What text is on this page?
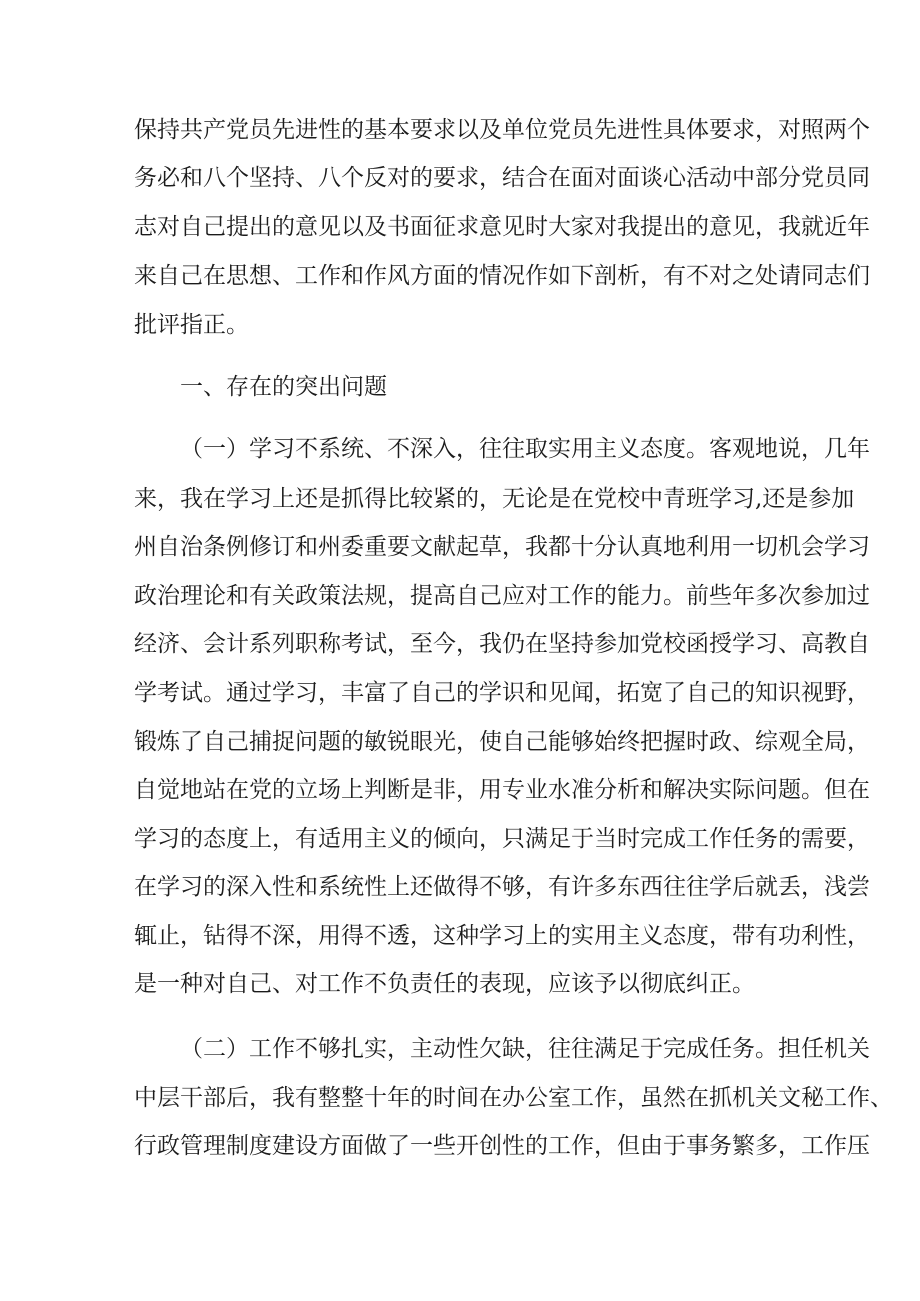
保持共产党员先进性的基本要求以及单位党员先进性具体要求，对照两个
务必和八个坚持、八个反对的要求，结合在面对面谈心活动中部分党员同
志对自己提出的意见以及书面征求意见时大家对我提出的意见，我就近年
来自己在思想、工作和作风方面的情况作如下剖析，有不对之处请同志们
批评指正。
一、存在的突出问题
（一）学习不系统、不深入，往往取实用主义态度。客观地说，几年
来，我在学习上还是抓得比较紧的，无论是在党校中青班学习,还是参加
州自治条例修订和州委重要文献起草，我都十分认真地利用一切机会学习
政治理论和有关政策法规，提高自己应对工作的能力。前些年多次参加过
经济、会计系列职称考试，至今，我仍在坚持参加党校函授学习、高教自
学考试。通过学习，丰富了自己的学识和见闻，拓宽了自己的知识视野，
锻炼了自己捕捉问题的敏锐眼光，使自己能够始终把握时政、综观全局，
自觉地站在党的立场上判断是非，用专业水准分析和解决实际问题。但在
学习的态度上，有适用主义的倾向，只满足于当时完成工作任务的需要，
在学习的深入性和系统性上还做得不够，有许多东西往往学后就丢，浅尝
辄止，钻得不深，用得不透，这种学习上的实用主义态度，带有功利性，
是一种对自己、对工作不负责任的表现，应该予以彻底纠正。
（二）工作不够扎实，主动性欠缺，往往满足于完成任务。担任机关
中层干部后，我有整整十年的时间在办公室工作，虽然在抓机关文秘工作、
行政管理制度建设方面做了一些开创性的工作，但由于事务繁多，工作压
